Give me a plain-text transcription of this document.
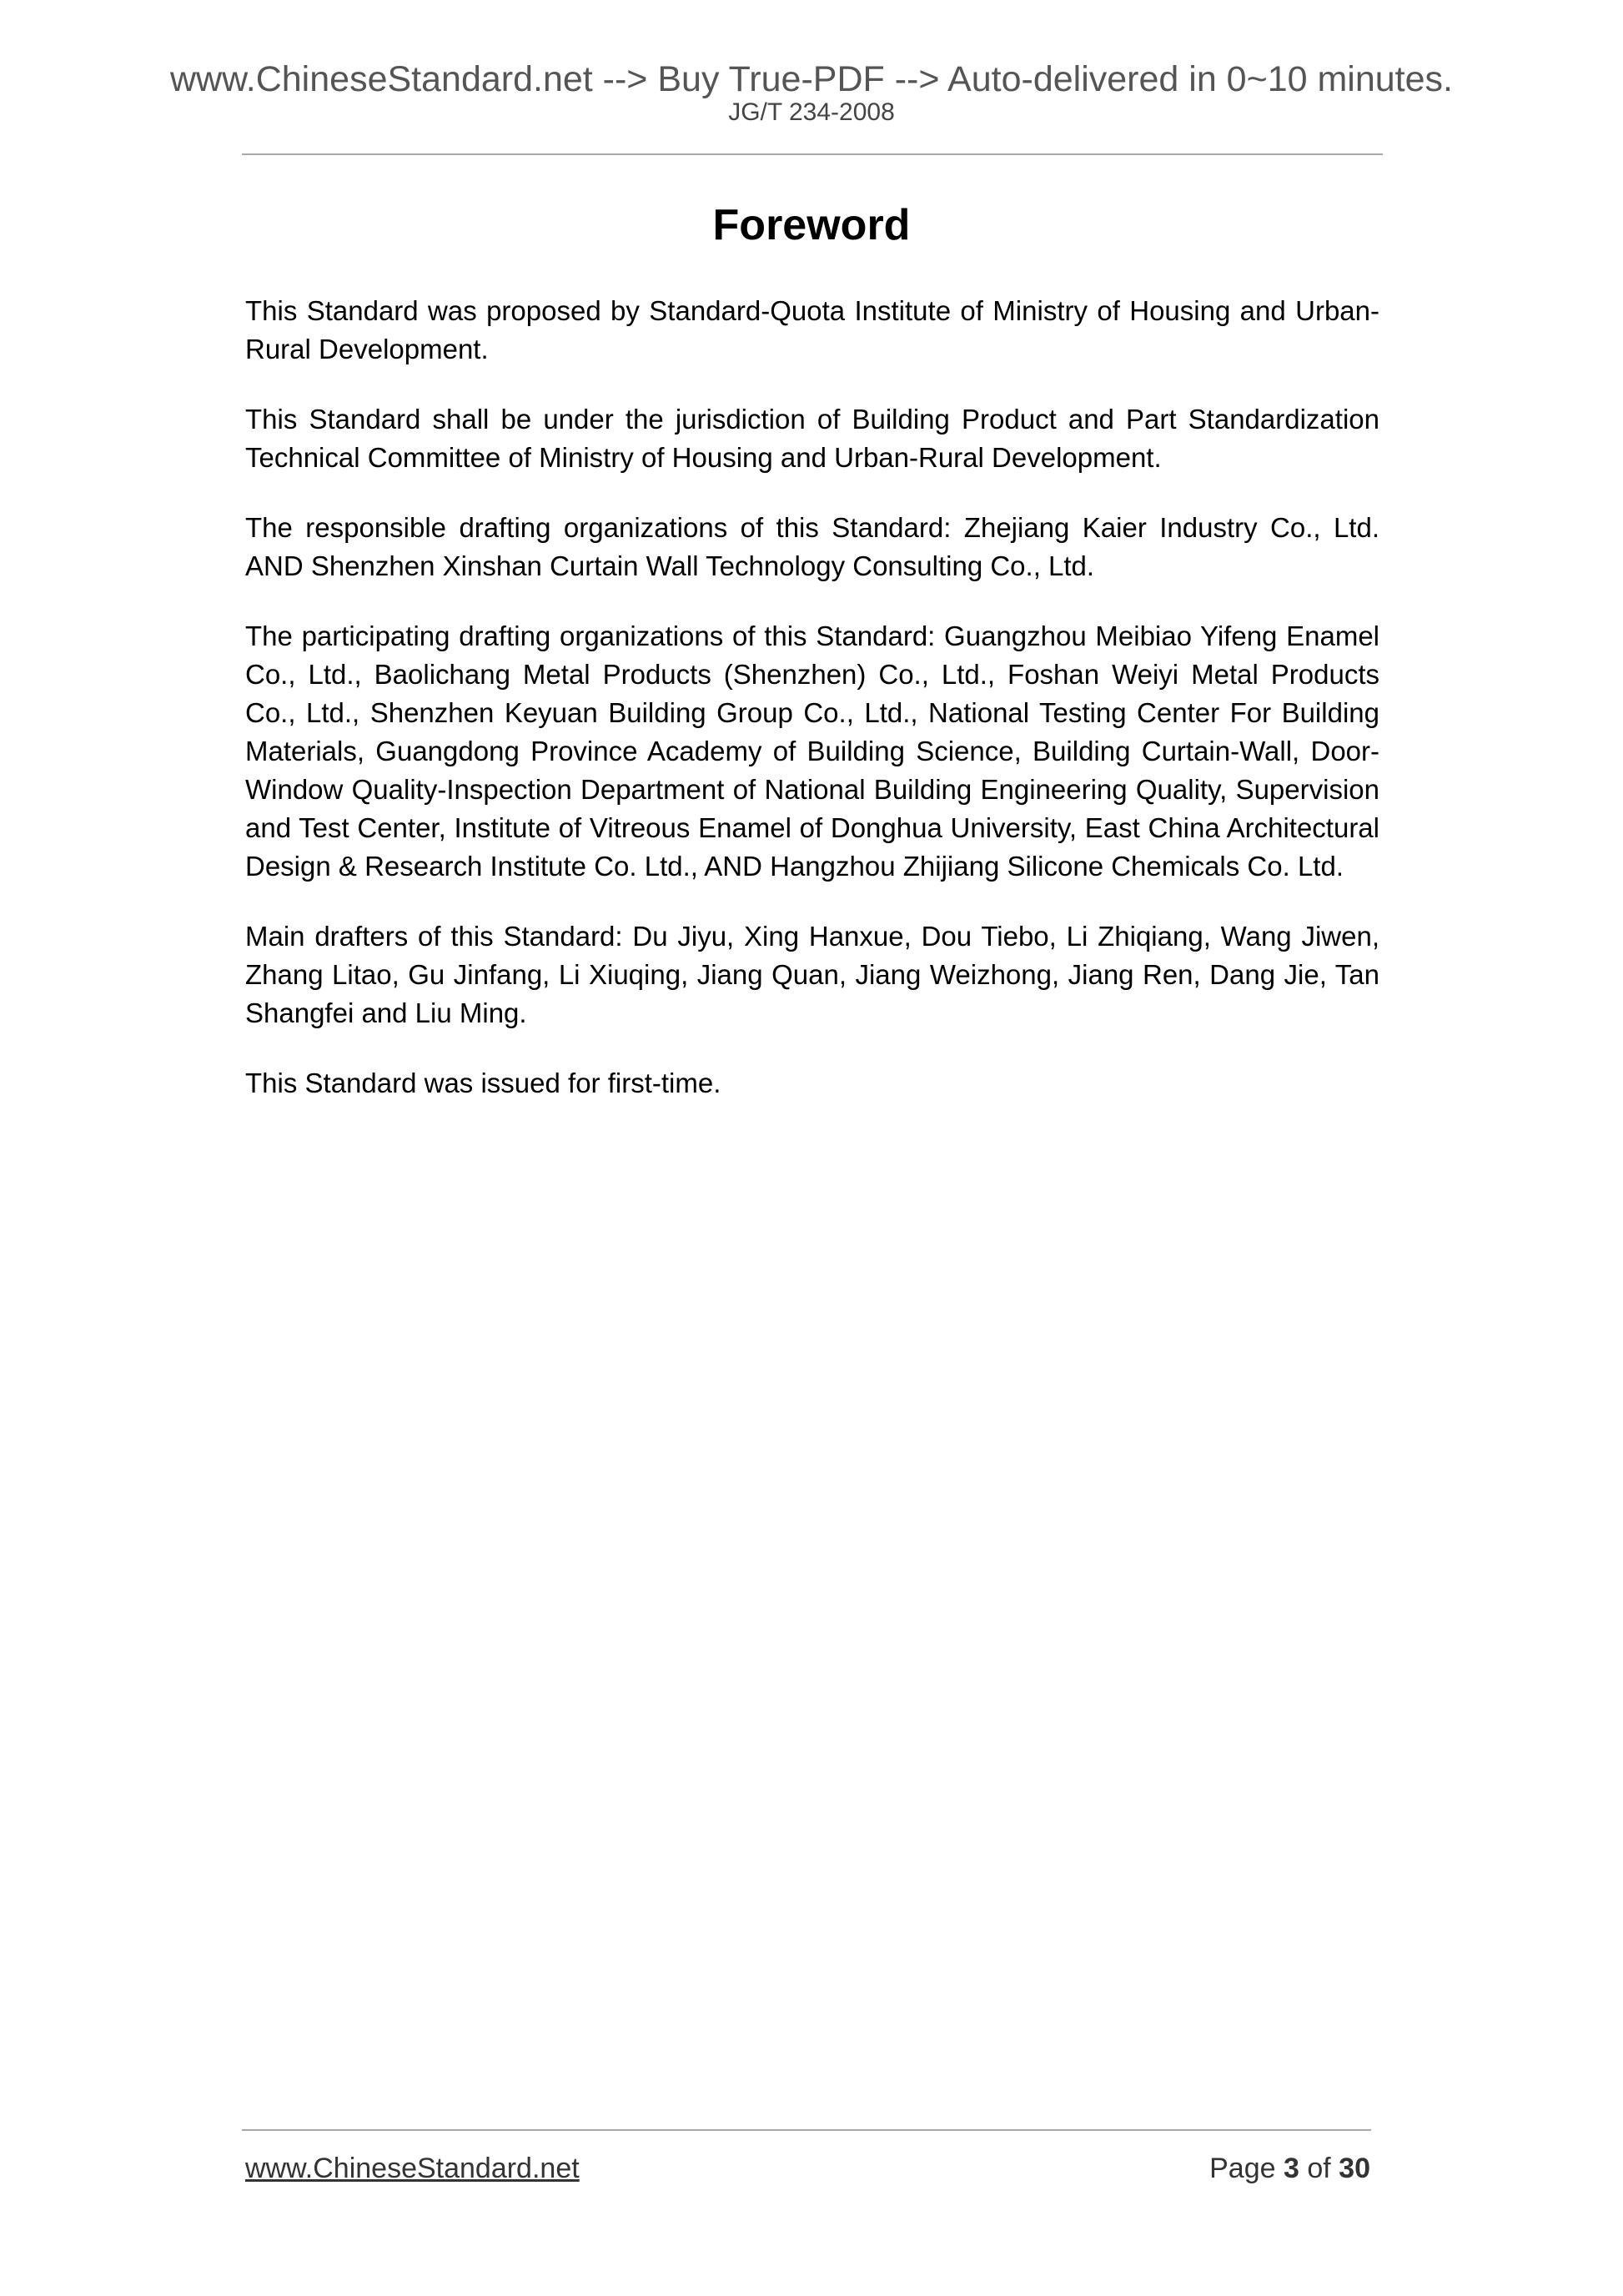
www.ChineseStandard.net --> Buy True-PDF --> Auto-delivered in 0~10 minutes.
JG/T 234-2008
Foreword

This Standard was proposed by Standard-Quota Institute of Ministry of Housing and Urban-Rural Development.

This Standard shall be under the jurisdiction of Building Product and Part Standardization Technical Committee of Ministry of Housing and Urban-Rural Development.

The responsible drafting organizations of this Standard: Zhejiang Kaier Industry Co., Ltd. AND Shenzhen Xinshan Curtain Wall Technology Consulting Co., Ltd.

The participating drafting organizations of this Standard: Guangzhou Meibiao Yifeng Enamel Co., Ltd., Baolichang Metal Products (Shenzhen) Co., Ltd., Foshan Weiyi Metal Products Co., Ltd., Shenzhen Keyuan Building Group Co., Ltd., National Testing Center For Building Materials, Guangdong Province Academy of Building Science, Building Curtain-Wall, Door-Window Quality-Inspection Department of National Building Engineering Quality, Supervision and Test Center, Institute of Vitreous Enamel of Donghua University, East China Architectural Design & Research Institute Co. Ltd., AND Hangzhou Zhijiang Silicone Chemicals Co. Ltd.

Main drafters of this Standard: Du Jiyu, Xing Hanxue, Dou Tiebo, Li Zhiqiang, Wang Jiwen, Zhang Litao, Gu Jinfang, Li Xiuqing, Jiang Quan, Jiang Weizhong, Jiang Ren, Dang Jie, Tan Shangfei and Liu Ming.

This Standard was issued for first-time.

www.ChineseStandard.net	Page 3 of 30
